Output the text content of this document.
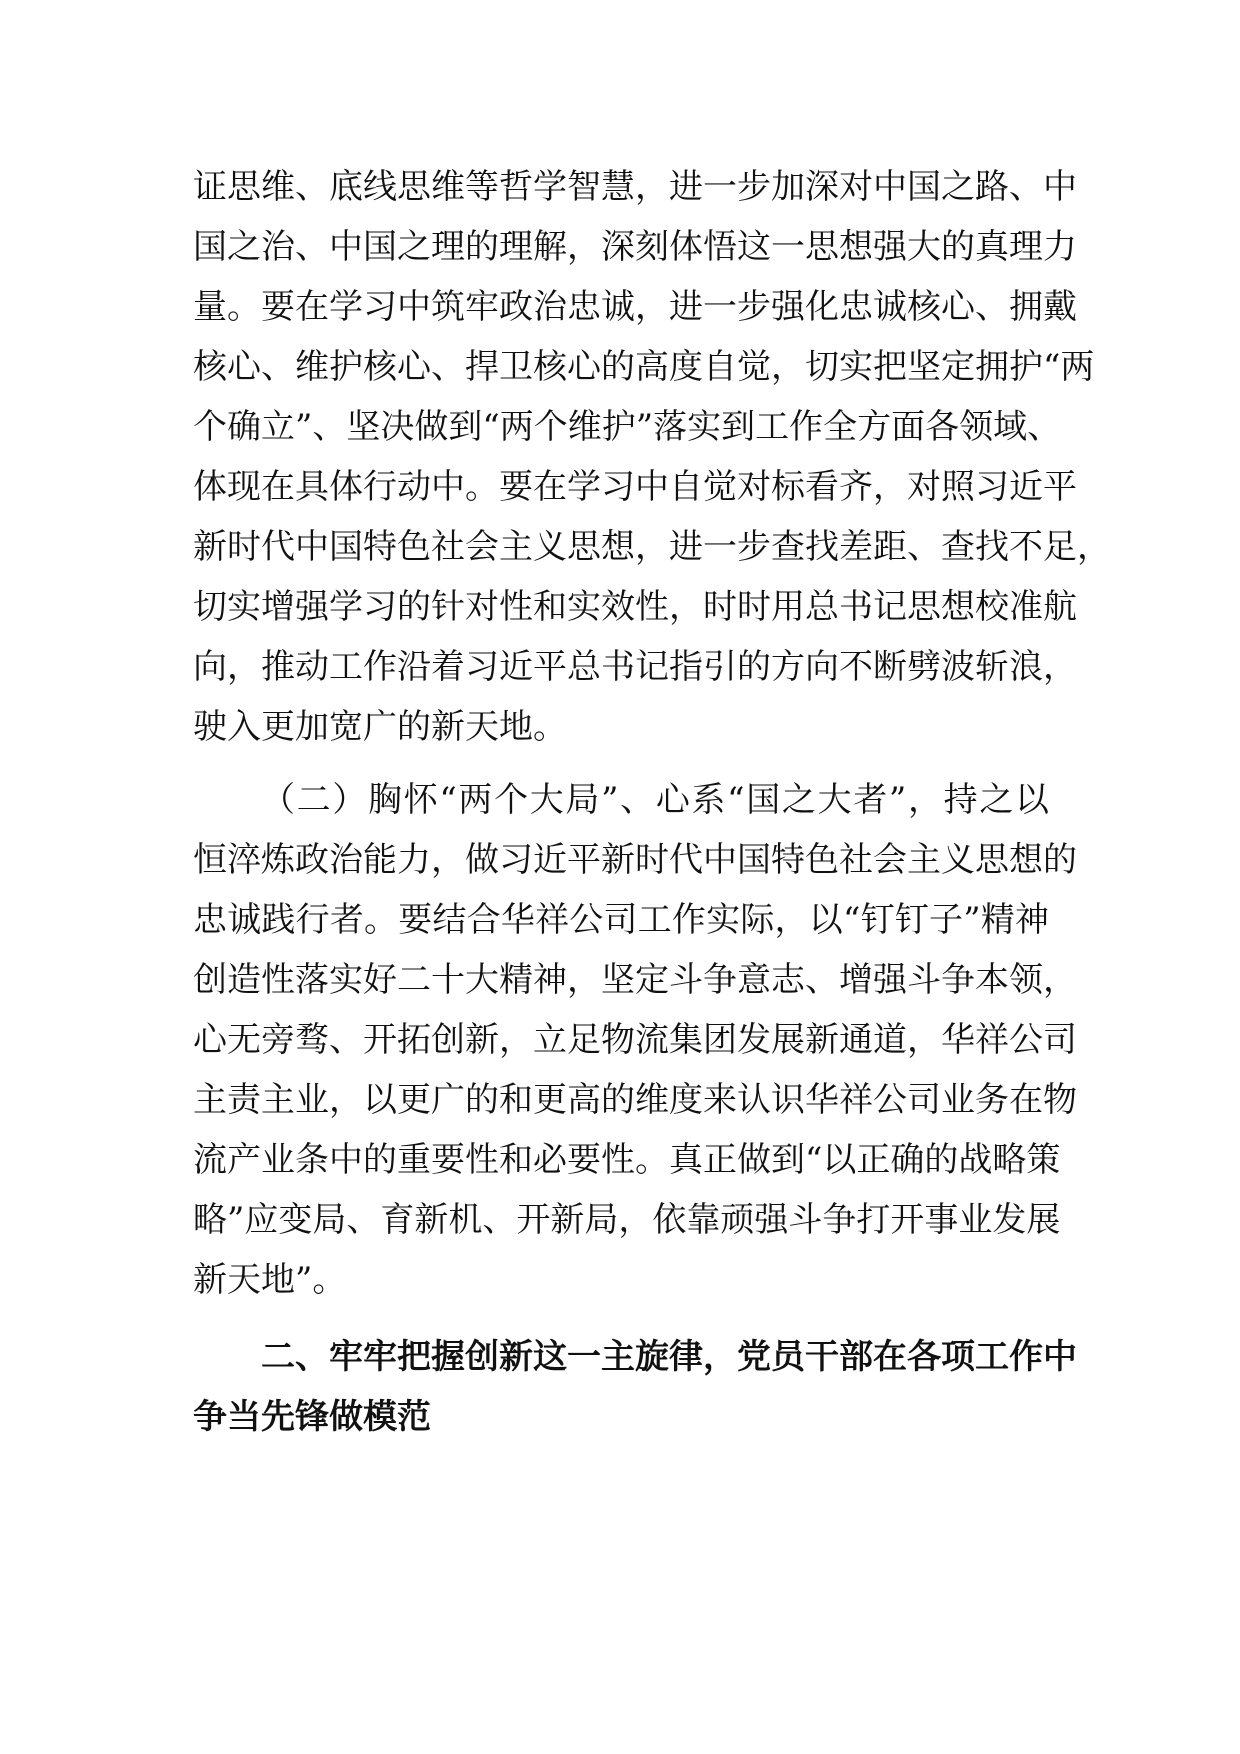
证思维、底线思维等哲学智慧，进一步加深对中国之路、中
国之治、中国之理的理解，深刻体悟这一思想强大的真理力
量。要在学习中筑牢政治忠诚，进一步强化忠诚核心、拥戴
核心、维护核心、捍卫核心的高度自觉，切实把坚定拥护“两
个确立”、坚决做到“两个维护”落实到工作全方面各领域、
体现在具体行动中。要在学习中自觉对标看齐，对照习近平
新时代中国特色社会主义思想，进一步查找差距、查找不足，
切实增强学习的针对性和实效性，时时用总书记思想校准航
向，推动工作沿着习近平总书记指引的方向不断劈波斩浪，
驶入更加宽广的新天地。
（二）胸怀“两个大局”、心系“国之大者”，持之以
恒淬炼政治能力，做习近平新时代中国特色社会主义思想的
忠诚践行者。要结合华祥公司工作实际，以“钉钉子”精神
创造性落实好二十大精神，坚定斗争意志、增强斗争本领，
心无旁骛、开拓创新，立足物流集团发展新通道，华祥公司
主责主业，以更广的和更高的维度来认识华祥公司业务在物
流产业条中的重要性和必要性。真正做到“以正确的战略策
略”应变局、育新机、开新局，依靠顽强斗争打开事业发展
新天地”。
二、牢牢把握创新这一主旋律，党员干部在各项工作中
争当先锋做模范
